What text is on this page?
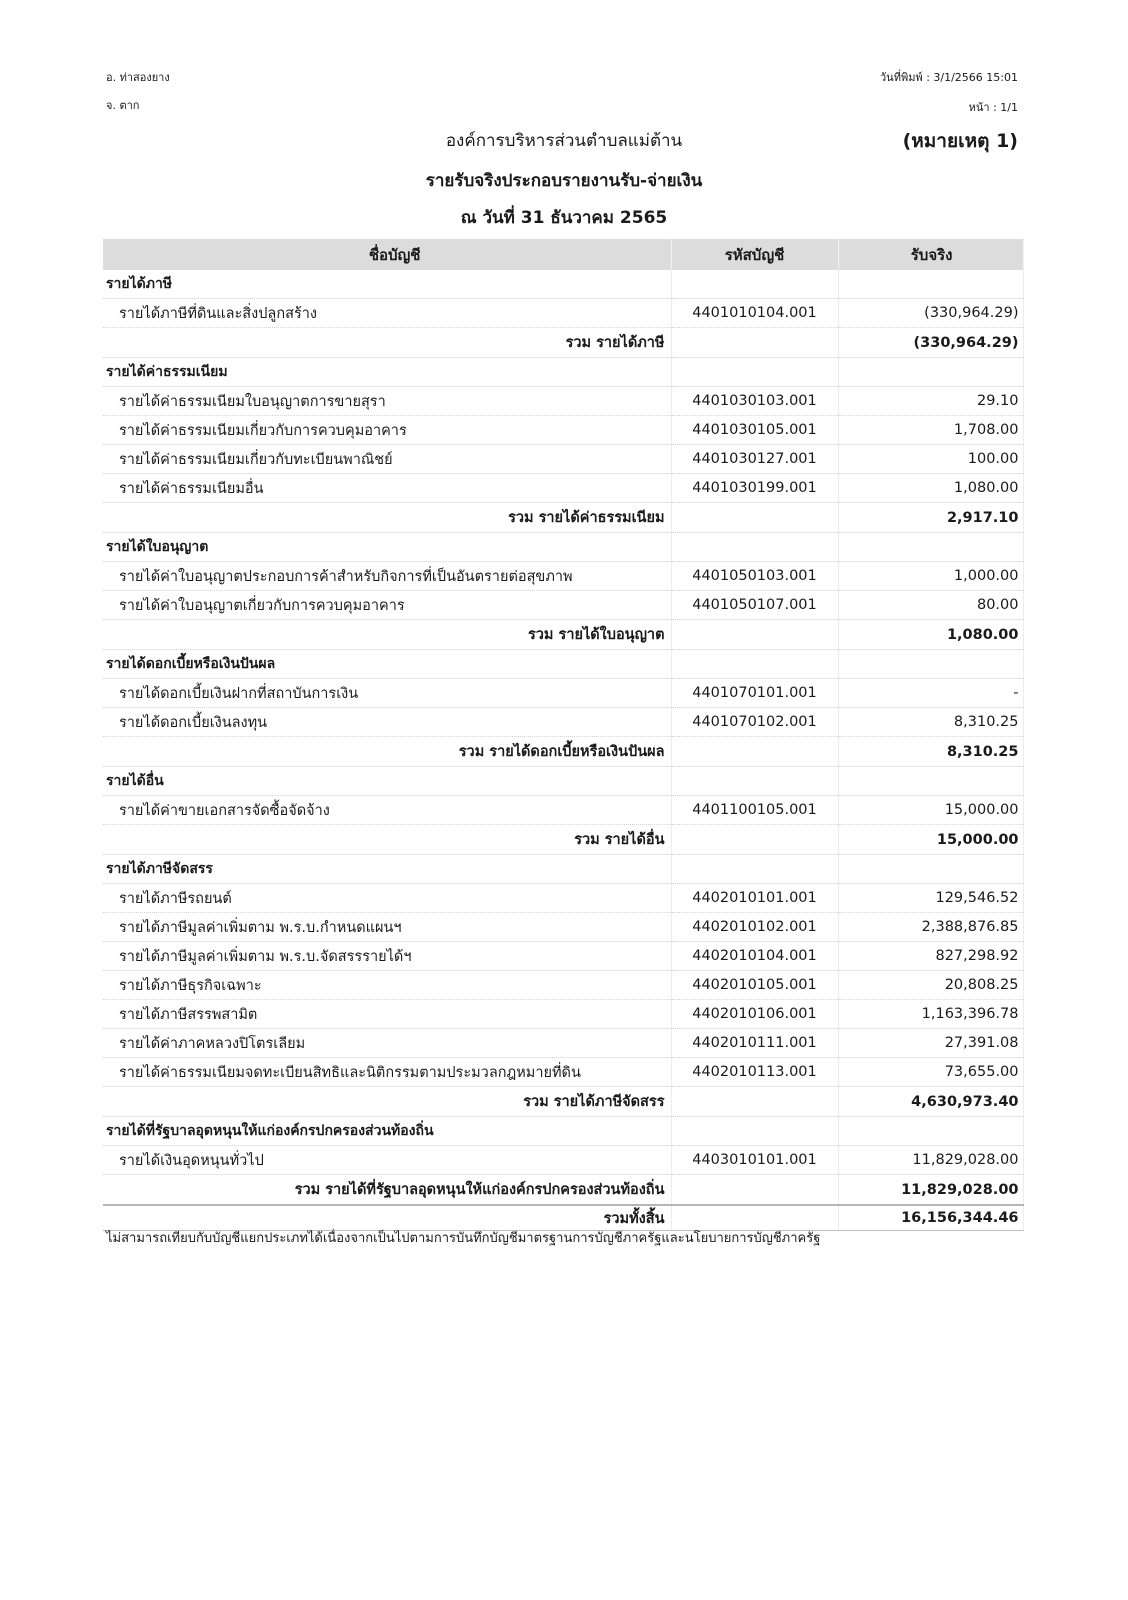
อ. ท่าสองยาง
จ. ตาก
วันที่พิมพ์ : 3/1/2566 15:01
หน้า : 1/1
องค์การบริหารส่วนตำบลแม่ต้าน	(หมายเหตุ 1)
รายรับจริงประกอบรายงานรับ-จ่ายเงิน
ณ วันที่ 31 ธันวาคม 2565
ชื่อบัญชี	รหัสบัญชี	รับจริง
รายได้ภาษี		
รายได้ภาษีที่ดินและสิ่งปลูกสร้าง	4401010104.001	(330,964.29)
รวม รายได้ภาษี		(330,964.29)
รายได้ค่าธรรมเนียม		
รายได้ค่าธรรมเนียมใบอนุญาตการขายสุรา	4401030103.001	29.10
รายได้ค่าธรรมเนียมเกี่ยวกับการควบคุมอาคาร	4401030105.001	1,708.00
รายได้ค่าธรรมเนียมเกี่ยวกับทะเบียนพาณิชย์	4401030127.001	100.00
รายได้ค่าธรรมเนียมอื่น	4401030199.001	1,080.00
รวม รายได้ค่าธรรมเนียม		2,917.10
รายได้ใบอนุญาต		
รายได้ค่าใบอนุญาตประกอบการค้าสำหรับกิจการที่เป็นอันตรายต่อสุขภาพ	4401050103.001	1,000.00
รายได้ค่าใบอนุญาตเกี่ยวกับการควบคุมอาคาร	4401050107.001	80.00
รวม รายได้ใบอนุญาต		1,080.00
รายได้ดอกเบี้ยหรือเงินปันผล		
รายได้ดอกเบี้ยเงินฝากที่สถาบันการเงิน	4401070101.001	-
รายได้ดอกเบี้ยเงินลงทุน	4401070102.001	8,310.25
รวม รายได้ดอกเบี้ยหรือเงินปันผล		8,310.25
รายได้อื่น		
รายได้ค่าขายเอกสารจัดซื้อจัดจ้าง	4401100105.001	15,000.00
รวม รายได้อื่น		15,000.00
รายได้ภาษีจัดสรร		
รายได้ภาษีรถยนต์	4402010101.001	129,546.52
รายได้ภาษีมูลค่าเพิ่มตาม พ.ร.บ.กำหนดแผนฯ	4402010102.001	2,388,876.85
รายได้ภาษีมูลค่าเพิ่มตาม พ.ร.บ.จัดสรรรายได้ฯ	4402010104.001	827,298.92
รายได้ภาษีธุรกิจเฉพาะ	4402010105.001	20,808.25
รายได้ภาษีสรรพสามิต	4402010106.001	1,163,396.78
รายได้ค่าภาคหลวงปิโตรเลียม	4402010111.001	27,391.08
รายได้ค่าธรรมเนียมจดทะเบียนสิทธิและนิติกรรมตามประมวลกฎหมายที่ดิน	4402010113.001	73,655.00
รวม รายได้ภาษีจัดสรร		4,630,973.40
รายได้ที่รัฐบาลอุดหนุนให้แก่องค์กรปกครองส่วนท้องถิ่น		
รายได้เงินอุดหนุนทั่วไป	4403010101.001	11,829,028.00
รวม รายได้ที่รัฐบาลอุดหนุนให้แก่องค์กรปกครองส่วนท้องถิ่น		11,829,028.00
รวมทั้งสิ้น		16,156,344.46
ไม่สามารถเทียบกับบัญชีแยกประเภทได้เนื่องจากเป็นไปตามการบันทึกบัญชีมาตรฐานการบัญชีภาครัฐและนโยบายการบัญชีภาครัฐ
